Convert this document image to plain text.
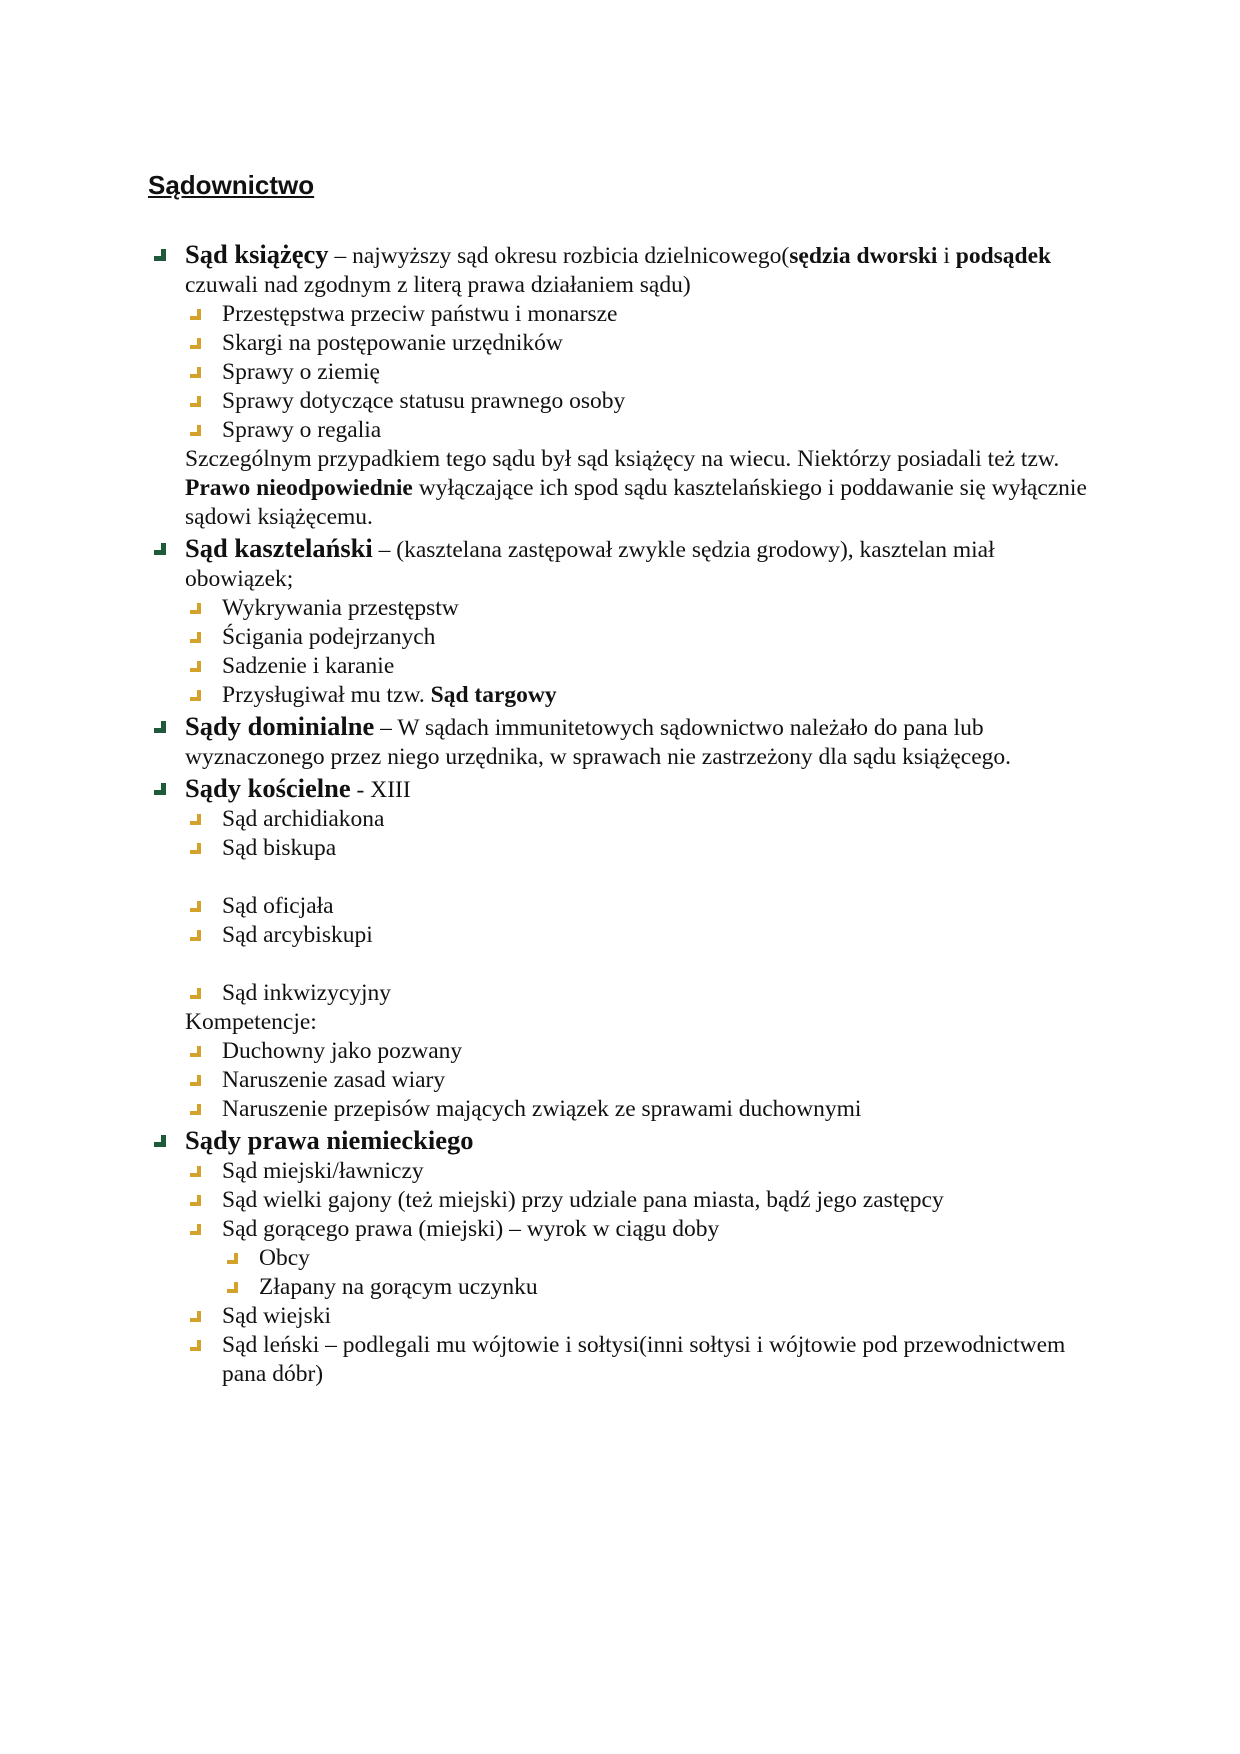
Sądownictwo
Sąd książęcy – najwyższy sąd okresu rozbicia dzielnicowego(sędzia dworski i podsądek czuwali nad zgodnym z literą prawa działaniem sądu)
Przestępstwa przeciw państwu i monarsze
Skargi na postępowanie urzędników
Sprawy o ziemię
Sprawy dotyczące statusu prawnego osoby
Sprawy o regalia
Szczególnym przypadkiem tego sądu był sąd książęcy na wiecu. Niektórzy posiadali też tzw. Prawo nieodpowiednie wyłączające ich spod sądu kasztelańskiego i poddawanie się wyłącznie sądowi książęcemu.
Sąd kasztelański – (kasztelana zastępował zwykle sędzia grodowy), kasztelan miał obowiązek;
Wykrywania przestępstw
Ścigania podejrzanych
Sadzenie i karanie
Przysługiwał mu tzw. Sąd targowy
Sądy dominialne – W sądach immunitetowych sądownictwo należało do pana lub wyznaczonego przez niego urzędnika, w sprawach nie zastrzeżony dla sądu książęcego.
Sądy kościelne - XIII
Sąd archidiakona
Sąd biskupa
Sąd oficjała
Sąd arcybiskupi
Sąd inkwizycyjny
Kompetencje:
Duchowny jako pozwany
Naruszenie zasad wiary
Naruszenie przepisów mających związek ze sprawami duchownymi
Sądy prawa niemieckiego
Sąd miejski/ławniczy
Sąd wielki gajony (też miejski) przy udziale pana miasta, bądź jego zastępcy
Sąd gorącego prawa (miejski) – wyrok w ciągu doby
Obcy
Złapany na gorącym uczynku
Sąd wiejski
Sąd leński – podlegali mu wójtowie i sołtysi(inni sołtysi i wójtowie pod przewodnictwem pana dóbr)
